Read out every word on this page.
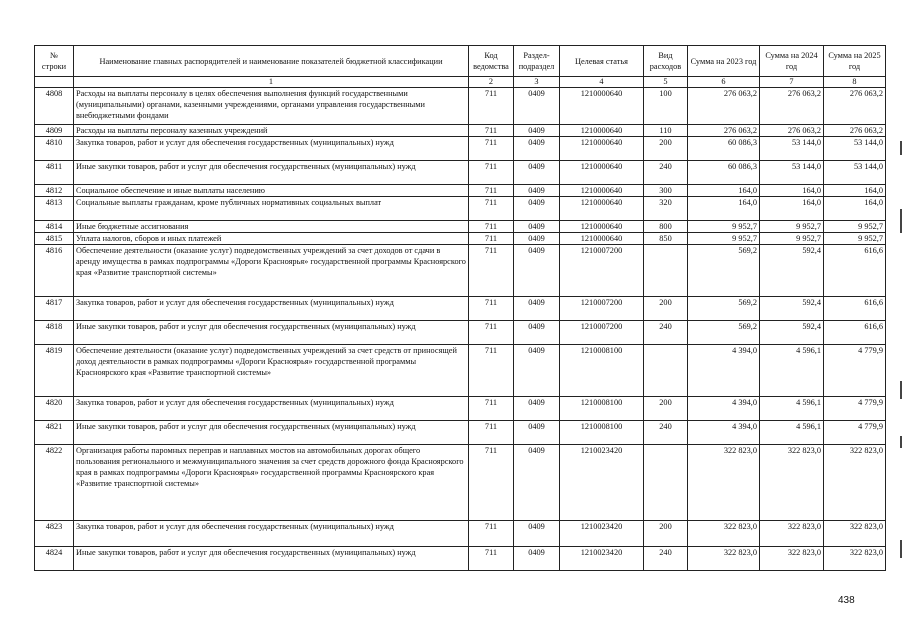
№ строки	Наименование главных распорядителей и наименование показателей бюджетной классификации	Код ведомства	Раздел-подраздел	Целевая статья	Вид расходов	Сумма на 2023 год	Сумма на 2024 год	Сумма на 2025 год
	1	2	3	4	5	6	7	8
4808	Расходы на выплаты персоналу в целях обеспечения выполнения функций государственными (муниципальными) органами, казенными учреждениями, органами управления государственными внебюджетными фондами	711	0409	1210000640	100	276 063,2	276 063,2	276 063,2
4809	Расходы на выплаты персоналу казенных учреждений	711	0409	1210000640	110	276 063,2	276 063,2	276 063,2
4810	Закупка товаров, работ и услуг для обеспечения государственных (муниципальных) нужд	711	0409	1210000640	200	60 086,3	53 144,0	53 144,0
4811	Иные закупки товаров, работ и услуг для обеспечения государственных (муниципальных) нужд	711	0409	1210000640	240	60 086,3	53 144,0	53 144,0
4812	Социальное обеспечение и иные выплаты населению	711	0409	1210000640	300	164,0	164,0	164,0
4813	Социальные выплаты гражданам, кроме публичных нормативных социальных выплат	711	0409	1210000640	320	164,0	164,0	164,0
4814	Иные бюджетные ассигнования	711	0409	1210000640	800	9 952,7	9 952,7	9 952,7
4815	Уплата налогов, сборов и иных платежей	711	0409	1210000640	850	9 952,7	9 952,7	9 952,7
4816	Обеспечение деятельности (оказание услуг) подведомственных учреждений за счет доходов от сдачи в аренду имущества в рамках подпрограммы «Дороги Красноярья» государственной программы Красноярского края «Развитие транспортной системы»	711	0409	1210007200		569,2	592,4	616,6
4817	Закупка товаров, работ и услуг для обеспечения государственных (муниципальных) нужд	711	0409	1210007200	200	569,2	592,4	616,6
4818	Иные закупки товаров, работ и услуг для обеспечения государственных (муниципальных) нужд	711	0409	1210007200	240	569,2	592,4	616,6
4819	Обеспечение деятельности (оказание услуг) подведомственных учреждений за счет средств от приносящей доход деятельности в рамках подпрограммы «Дороги Красноярья» государственной программы Красноярского края «Развитие транспортной системы»	711	0409	1210008100		4 394,0	4 596,1	4 779,9
4820	Закупка товаров, работ и услуг для обеспечения государственных (муниципальных) нужд	711	0409	1210008100	200	4 394,0	4 596,1	4 779,9
4821	Иные закупки товаров, работ и услуг для обеспечения государственных (муниципальных) нужд	711	0409	1210008100	240	4 394,0	4 596,1	4 779,9
4822	Организация работы паромных переправ и наплавных мостов на автомобильных дорогах общего пользования регионального и межмуниципального значения за счет средств дорожного фонда Красноярского края в рамках подпрограммы «Дороги Красноярья» государственной программы Красноярского края «Развитие транспортной системы»	711	0409	1210023420		322 823,0	322 823,0	322 823,0
4823	Закупка товаров, работ и услуг для обеспечения государственных (муниципальных) нужд	711	0409	1210023420	200	322 823,0	322 823,0	322 823,0
4824	Иные закупки товаров, работ и услуг для обеспечения государственных (муниципальных) нужд	711	0409	1210023420	240	322 823,0	322 823,0	322 823,0
438
